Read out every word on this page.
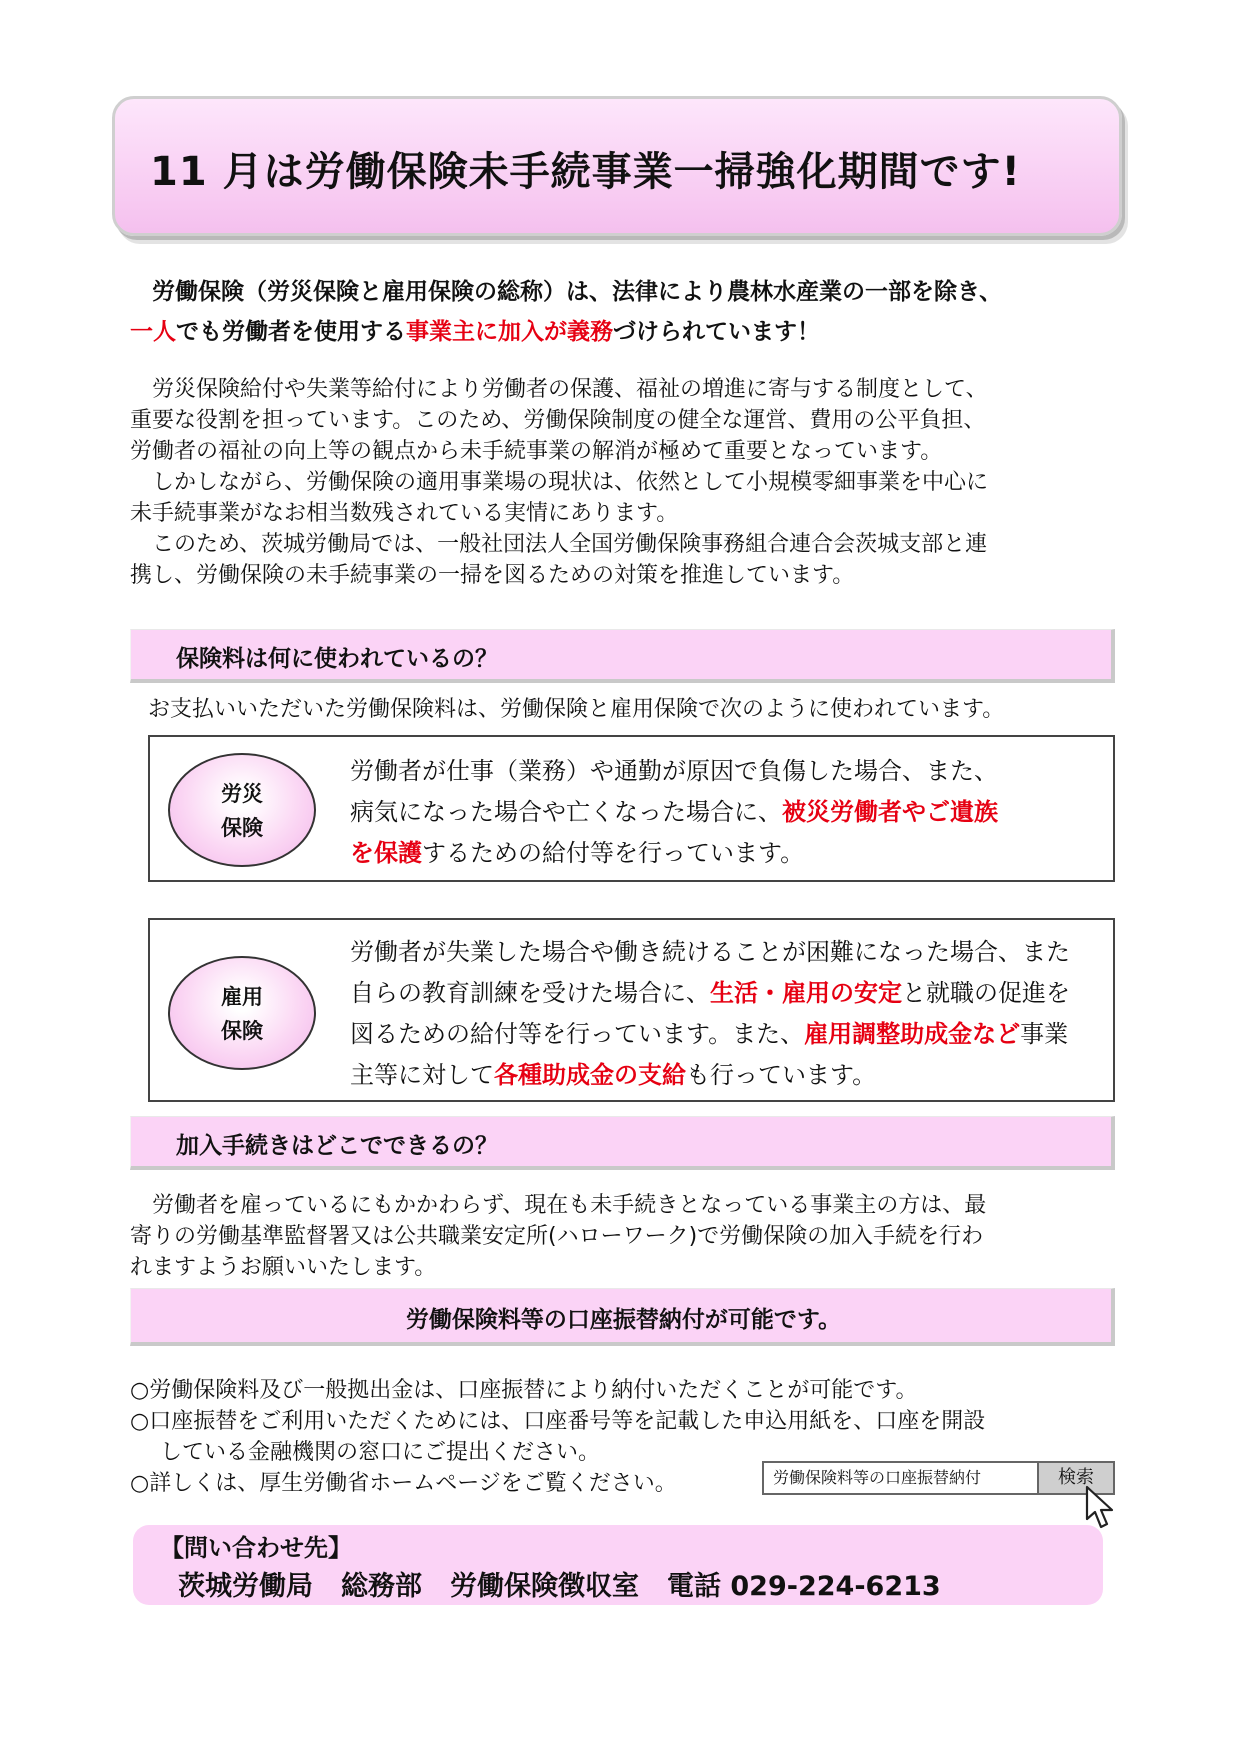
11 月は労働保険未手続事業一掃強化期間です!
労働保険（労災保険と雇用保険の総称）は、法律により農林水産業の一部を除き、
一人でも労働者を使用する事業主に加入が義務づけられています！
　労災保険給付や失業等給付により労働者の保護、福祉の増進に寄与する制度として、
重要な役割を担っています。このため、労働保険制度の健全な運営、費用の公平負担、
労働者の福祉の向上等の観点から未手続事業の解消が極めて重要となっています。
　しかしながら、労働保険の適用事業場の現状は、依然として小規模零細事業を中心に
未手続事業がなお相当数残されている実情にあります。
　このため、茨城労働局では、一般社団法人全国労働保険事務組合連合会茨城支部と連
携し、労働保険の未手続事業の一掃を図るための対策を推進しています。
保険料は何に使われているの？
お支払いいただいた労働保険料は、労働保険と雇用保険で次のように使われています。
労災
保険
労働者が仕事（業務）や通勤が原因で負傷した場合、また、
病気になった場合や亡くなった場合に、被災労働者やご遺族
を保護するための給付等を行っています。
雇用
保険
労働者が失業した場合や働き続けることが困難になった場合、また
自らの教育訓練を受けた場合に、生活・雇用の安定と就職の促進を
図るための給付等を行っています。また、雇用調整助成金など事業
主等に対して各種助成金の支給も行っています。
加入手続きはどこでできるの？
　労働者を雇っているにもかかわらず、現在も未手続きとなっている事業主の方は、最
寄りの労働基準監督署又は公共職業安定所(ハローワーク)で労働保険の加入手続を行わ
れますようお願いいたします。
労働保険料等の口座振替納付が可能です。
○労働保険料及び一般拠出金は、口座振替により納付いただくことが可能です。
○口座振替をご利用いただくためには、口座番号等を記載した申込用紙を、口座を開設
している金融機関の窓口にご提出ください。
○詳しくは、厚生労働省ホームページをご覧ください。	労働保険料等の口座振替納付	検索
【問い合わせ先】
茨城労働局 総務部 労働保険徴収室 電話 029-224-6213
